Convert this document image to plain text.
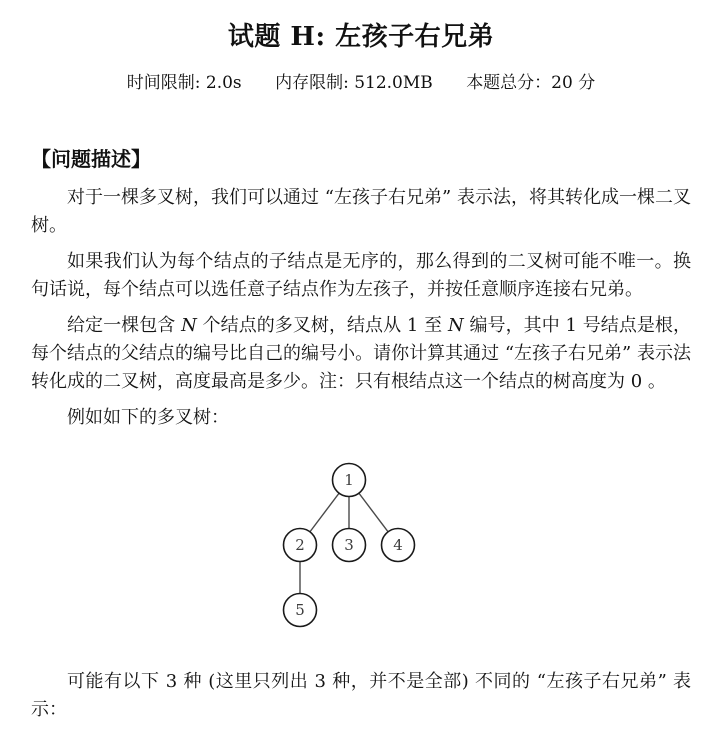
试题 H: 左孩子右兄弟
时间限制: 2.0s 内存限制: 512.0MB 本题总分：20 分
【问题描述】

对于一棵多叉树，我们可以通过 “左孩子右兄弟” 表示法，将其转化成一棵二叉树。

如果我们认为每个结点的子结点是无序的，那么得到的二叉树可能不唯一。换句话说，每个结点可以选任意子结点作为左孩子，并按任意顺序连接右兄弟。

给定一棵包含 N 个结点的多叉树，结点从 1 至 N 编号，其中 1 号结点是根，每个结点的父结点的编号比自己的编号小。请你计算其通过 “左孩子右兄弟” 表示法转化成的二叉树，高度最高是多少。注：只有根结点这一个结点的树高度为 0 。

例如如下的多叉树：

1
2	3	4
5

可能有以下 3 种 (这里只列出 3 种，并不是全部) 不同的 “左孩子右兄弟” 表示：
